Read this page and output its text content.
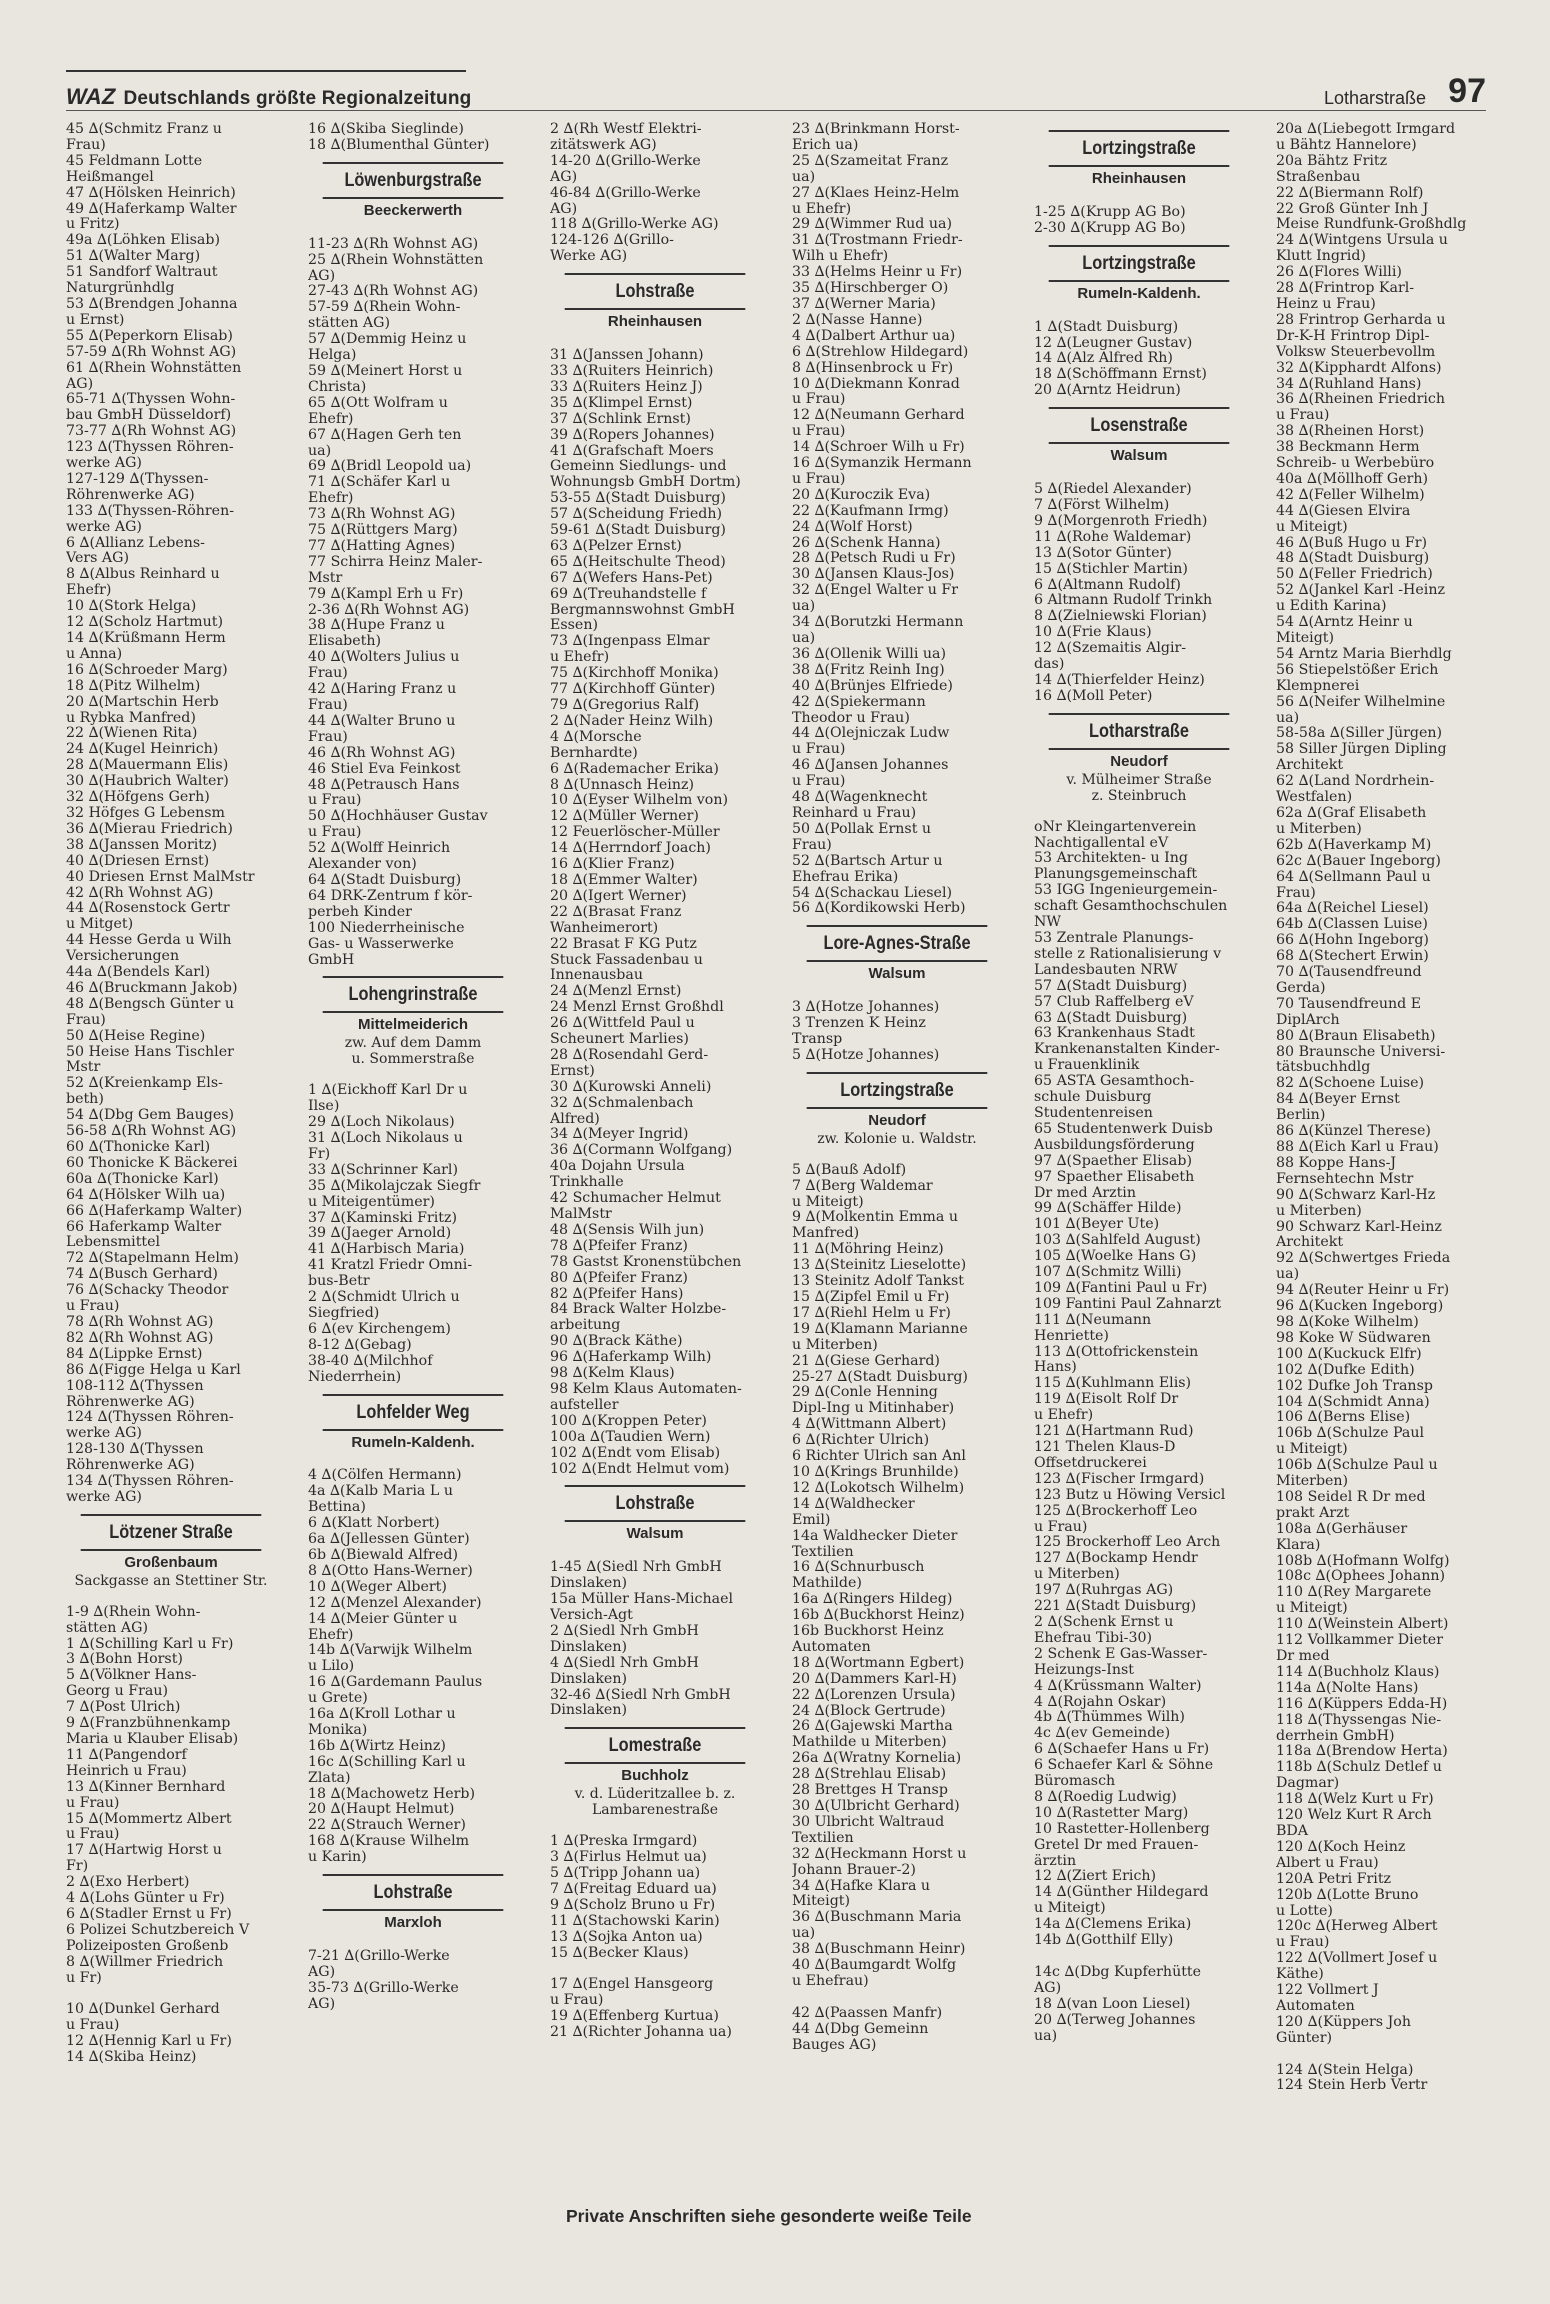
WAZ Deutschlands größte Regionalzeitung	Lotharstraße 97
45 ∆(Schmitz Franz u
Frau)
45 Feldmann Lotte
Heißmangel
47 ∆(Hölsken Heinrich)
49 ∆(Haferkamp Walter
u Fritz)
49a ∆(Löhken Elisab)
51 ∆(Walter Marg)
51 Sandforf Waltraut
Naturgrünhdlg
53 ∆(Brendgen Johanna
u Ernst)
55 ∆(Peperkorn Elisab)
57-59 ∆(Rh Wohnst AG)
61 ∆(Rhein Wohnstätten
AG)
65-71 ∆(Thyssen Wohn-
bau GmbH Düsseldorf)
73-77 ∆(Rh Wohnst AG)
123 ∆(Thyssen Röhren-
werke AG)
127-129 ∆(Thyssen-
Röhrenwerke AG)
133 ∆(Thyssen-Röhren-
werke AG)
6 ∆(Allianz Lebens-
Vers AG)
8 ∆(Albus Reinhard u
Ehefr)
10 ∆(Stork Helga)
12 ∆(Scholz Hartmut)
14 ∆(Krüßmann Herm
u Anna)
16 ∆(Schroeder Marg)
18 ∆(Pitz Wilhelm)
20 ∆(Martschin Herb
u Rybka Manfred)
22 ∆(Wienen Rita)
24 ∆(Kugel Heinrich)
28 ∆(Mauermann Elis)
30 ∆(Haubrich Walter)
32 ∆(Höfgens Gerh)
32 Höfges G Lebensm
36 ∆(Mierau Friedrich)
38 ∆(Janssen Moritz)
40 ∆(Driesen Ernst)
40 Driesen Ernst MalMstr
42 ∆(Rh Wohnst AG)
44 ∆(Rosenstock Gertr
u Mitget)
44 Hesse Gerda u Wilh
Versicherungen
44a ∆(Bendels Karl)
46 ∆(Bruckmann Jakob)
48 ∆(Bengsch Günter u
Frau)
50 ∆(Heise Regine)
50 Heise Hans Tischler
Mstr
52 ∆(Kreienkamp Els-
beth)
54 ∆(Dbg Gem Bauges)
56-58 ∆(Rh Wohnst AG)
60 ∆(Thonicke Karl)
60 Thonicke K Bäckerei
60a ∆(Thonicke Karl)
64 ∆(Hölsker Wilh ua)
66 ∆(Haferkamp Walter)
66 Haferkamp Walter
Lebensmittel
72 ∆(Stapelmann Helm)
74 ∆(Busch Gerhard)
76 ∆(Schacky Theodor
u Frau)
78 ∆(Rh Wohnst AG)
82 ∆(Rh Wohnst AG)
84 ∆(Lippke Ernst)
86 ∆(Figge Helga u Karl
108-112 ∆(Thyssen
Röhrenwerke AG)
124 ∆(Thyssen Röhren-
werke AG)
128-130 ∆(Thyssen
Röhrenwerke AG)
134 ∆(Thyssen Röhren-
werke AG)
Lötzener Straße
Großenbaum
Sackgasse an Stettiner Str.

1-9 ∆(Rhein Wohn-
stätten AG)
1 ∆(Schilling Karl u Fr)
3 ∆(Bohn Horst)
5 ∆(Völkner Hans-
Georg u Frau)
7 ∆(Post Ulrich)
9 ∆(Franzbühnenkamp
Maria u Klauber Elisab)
11 ∆(Pangendorf
Heinrich u Frau)
13 ∆(Kinner Bernhard
u Frau)
15 ∆(Mommertz Albert
u Frau)
17 ∆(Hartwig Horst u
Fr)
2 ∆(Exo Herbert)
4 ∆(Lohs Günter u Fr)
6 ∆(Stadler Ernst u Fr)
6 Polizei Schutzbereich V
Polizeiposten Großenb
8 ∆(Willmer Friedrich
u Fr)

10 ∆(Dunkel Gerhard
u Frau)
12 ∆(Hennig Karl u Fr)
14 ∆(Skiba Heinz)
16 ∆(Skiba Sieglinde)
18 ∆(Blumenthal Günter)
Löwenburgstraße
Beeckerwerth

11-23 ∆(Rh Wohnst AG)
25 ∆(Rhein Wohnstätten
AG)
27-43 ∆(Rh Wohnst AG)
57-59 ∆(Rhein Wohn-
stätten AG)
57 ∆(Demmig Heinz u
Helga)
59 ∆(Meinert Horst u
Christa)
65 ∆(Ott Wolfram u
Ehefr)
67 ∆(Hagen Gerh ten
ua)
69 ∆(Bridl Leopold ua)
71 ∆(Schäfer Karl u
Ehefr)
73 ∆(Rh Wohnst AG)
75 ∆(Rüttgers Marg)
77 ∆(Hatting Agnes)
77 Schirra Heinz Maler-
Mstr
79 ∆(Kampl Erh u Fr)
2-36 ∆(Rh Wohnst AG)
38 ∆(Hupe Franz u
Elisabeth)
40 ∆(Wolters Julius u
Frau)
42 ∆(Haring Franz u
Frau)
44 ∆(Walter Bruno u
Frau)
46 ∆(Rh Wohnst AG)
46 Stiel Eva Feinkost
48 ∆(Petrausch Hans
u Frau)
50 ∆(Hochhäuser Gustav
u Frau)
52 ∆(Wolff Heinrich
Alexander von)
64 ∆(Stadt Duisburg)
64 DRK-Zentrum f kör-
perbeh Kinder
100 Niederrheinische
Gas- u Wasserwerke
GmbH
Lohengrinstraße
Mittelmeiderich
zw. Auf dem Damm
u. Sommerstraße

1 ∆(Eickhoff Karl Dr u
Ilse)
29 ∆(Loch Nikolaus)
31 ∆(Loch Nikolaus u
Fr)
33 ∆(Schrinner Karl)
35 ∆(Mikolajczak Siegfr
u Miteigentümer)
37 ∆(Kaminski Fritz)
39 ∆(Jaeger Arnold)
41 ∆(Harbisch Maria)
41 Kratzl Friedr Omni-
bus-Betr
2 ∆(Schmidt Ulrich u
Siegfried)
6 ∆(ev Kirchengem)
8-12 ∆(Gebag)
38-40 ∆(Milchhof
Niederrhein)
Lohfelder Weg
Rumeln-Kaldenh.

4 ∆(Cölfen Hermann)
4a ∆(Kalb Maria L u
Bettina)
6 ∆(Klatt Norbert)
6a ∆(Jellessen Günter)
6b ∆(Biewald Alfred)
8 ∆(Otto Hans-Werner)
10 ∆(Weger Albert)
12 ∆(Menzel Alexander)
14 ∆(Meier Günter u
Ehefr)
14b ∆(Varwijk Wilhelm
u Lilo)
16 ∆(Gardemann Paulus
u Grete)
16a ∆(Kroll Lothar u
Monika)
16b ∆(Wirtz Heinz)
16c ∆(Schilling Karl u
Zlata)
18 ∆(Machowetz Herb)
20 ∆(Haupt Helmut)
22 ∆(Strauch Werner)
168 ∆(Krause Wilhelm
u Karin)
Lohstraße
Marxloh

7-21 ∆(Grillo-Werke
AG)
35-73 ∆(Grillo-Werke
AG)
2 ∆(Rh Westf Elektri-
zitätswerk AG)
14-20 ∆(Grillo-Werke
AG)
46-84 ∆(Grillo-Werke
AG)
118 ∆(Grillo-Werke AG)
124-126 ∆(Grillo-
Werke AG)
Lohstraße
Rheinhausen

31 ∆(Janssen Johann)
33 ∆(Ruiters Heinrich)
33 ∆(Ruiters Heinz J)
35 ∆(Klimpel Ernst)
37 ∆(Schlink Ernst)
39 ∆(Ropers Johannes)
41 ∆(Grafschaft Moers
Gemeinn Siedlungs- und
Wohnungsb GmbH Dortm)
53-55 ∆(Stadt Duisburg)
57 ∆(Scheidung Friedh)
59-61 ∆(Stadt Duisburg)
63 ∆(Pelzer Ernst)
65 ∆(Heitschulte Theod)
67 ∆(Wefers Hans-Pet)
69 ∆(Treuhandstelle f
Bergmannswohnst GmbH
Essen)
73 ∆(Ingenpass Elmar
u Ehefr)
75 ∆(Kirchhoff Monika)
77 ∆(Kirchhoff Günter)
79 ∆(Gregorius Ralf)
2 ∆(Nader Heinz Wilh)
4 ∆(Morsche
Bernhardte)
6 ∆(Rademacher Erika)
8 ∆(Unnasch Heinz)
10 ∆(Eyser Wilhelm von)
12 ∆(Müller Werner)
12 Feuerlöscher-Müller
14 ∆(Herrndorf Joach)
16 ∆(Klier Franz)
18 ∆(Emmer Walter)
20 ∆(Igert Werner)
22 ∆(Brasat Franz
Wanheimerort)
22 Brasat F KG Putz
Stuck Fassadenbau u
Innenausbau
24 ∆(Menzl Ernst)
24 Menzl Ernst Großhdl
26 ∆(Wittfeld Paul u
Scheunert Marlies)
28 ∆(Rosendahl Gerd-
Ernst)
30 ∆(Kurowski Anneli)
32 ∆(Schmalenbach
Alfred)
34 ∆(Meyer Ingrid)
36 ∆(Cormann Wolfgang)
40a Dojahn Ursula
Trinkhalle
42 Schumacher Helmut
MalMstr
48 ∆(Sensis Wilh jun)
78 ∆(Pfeifer Franz)
78 Gastst Kronenstübchen
80 ∆(Pfeifer Franz)
82 ∆(Pfeifer Hans)
84 Brack Walter Holzbe-
arbeitung
90 ∆(Brack Käthe)
96 ∆(Haferkamp Wilh)
98 ∆(Kelm Klaus)
98 Kelm Klaus Automaten-
aufsteller
100 ∆(Kroppen Peter)
100a ∆(Taudien Wern)
102 ∆(Endt vom Elisab)
102 ∆(Endt Helmut vom)
Lohstraße
Walsum

1-45 ∆(Siedl Nrh GmbH
Dinslaken)
15a Müller Hans-Michael
Versich-Agt
2 ∆(Siedl Nrh GmbH
Dinslaken)
4 ∆(Siedl Nrh GmbH
Dinslaken)
32-46 ∆(Siedl Nrh GmbH
Dinslaken)
Lomestraße
Buchholz
v. d. Lüderitzallee b. z.
Lambarenestraße

1 ∆(Preska Irmgard)
3 ∆(Firlus Helmut ua)
5 ∆(Tripp Johann ua)
7 ∆(Freitag Eduard ua)
9 ∆(Scholz Bruno u Fr)
11 ∆(Stachowski Karin)
13 ∆(Sojka Anton ua)
15 ∆(Becker Klaus)

17 ∆(Engel Hansgeorg
u Frau)
19 ∆(Effenberg Kurtua)
21 ∆(Richter Johanna ua)
23 ∆(Brinkmann Horst-
Erich ua)
25 ∆(Szameitat Franz
ua)
27 ∆(Klaes Heinz-Helm
u Ehefr)
29 ∆(Wimmer Rud ua)
31 ∆(Trostmann Friedr-
Wilh u Ehefr)
33 ∆(Helms Heinr u Fr)
35 ∆(Hirschberger O)
37 ∆(Werner Maria)
2 ∆(Nasse Hanne)
4 ∆(Dalbert Arthur ua)
6 ∆(Strehlow Hildegard)
8 ∆(Hinsenbrock u Fr)
10 ∆(Diekmann Konrad
u Frau)
12 ∆(Neumann Gerhard
u Frau)
14 ∆(Schroer Wilh u Fr)
16 ∆(Symanzik Hermann
u Frau)
20 ∆(Kuroczik Eva)
22 ∆(Kaufmann Irmg)
24 ∆(Wolf Horst)
26 ∆(Schenk Hanna)
28 ∆(Petsch Rudi u Fr)
30 ∆(Jansen Klaus-Jos)
32 ∆(Engel Walter u Fr
ua)
34 ∆(Borutzki Hermann
ua)
36 ∆(Ollenik Willi ua)
38 ∆(Fritz Reinh Ing)
40 ∆(Brünjes Elfriede)
42 ∆(Spiekermann
Theodor u Frau)
44 ∆(Olejniczak Ludw
u Frau)
46 ∆(Jansen Johannes
u Frau)
48 ∆(Wagenknecht
Reinhard u Frau)
50 ∆(Pollak Ernst u
Frau)
52 ∆(Bartsch Artur u
Ehefrau Erika)
54 ∆(Schackau Liesel)
56 ∆(Kordikowski Herb)
Lore-Agnes-Straße
Walsum

3 ∆(Hotze Johannes)
3 Trenzen K Heinz
Transp
5 ∆(Hotze Johannes)
Lortzingstraße
Neudorf
zw. Kolonie u. Waldstr.

5 ∆(Bauß Adolf)
7 ∆(Berg Waldemar
u Miteigt)
9 ∆(Molkentin Emma u
Manfred)
11 ∆(Möhring Heinz)
13 ∆(Steinitz Lieselotte)
13 Steinitz Adolf Tankst
15 ∆(Zipfel Emil u Fr)
17 ∆(Riehl Helm u Fr)
19 ∆(Klamann Marianne
u Miterben)
21 ∆(Giese Gerhard)
25-27 ∆(Stadt Duisburg)
29 ∆(Conle Henning
Dipl-Ing u Mitinhaber)
4 ∆(Wittmann Albert)
6 ∆(Richter Ulrich)
6 Richter Ulrich san Anl
10 ∆(Krings Brunhilde)
12 ∆(Lokotsch Wilhelm)
14 ∆(Waldhecker
Emil)
14a Waldhecker Dieter
Textilien
16 ∆(Schnurbusch
Mathilde)
16a ∆(Ringers Hildeg)
16b ∆(Buckhorst Heinz)
16b Buckhorst Heinz
Automaten
18 ∆(Wortmann Egbert)
20 ∆(Dammers Karl-H)
22 ∆(Lorenzen Ursula)
24 ∆(Block Gertrude)
26 ∆(Gajewski Martha
Mathilde u Miterben)
26a ∆(Wratny Kornelia)
28 ∆(Strehlau Elisab)
28 Brettges H Transp
30 ∆(Ulbricht Gerhard)
30 Ulbricht Waltraud
Textilien
32 ∆(Heckmann Horst u
Johann Brauer-2)
34 ∆(Hafke Klara u
Miteigt)
36 ∆(Buschmann Maria
ua)
38 ∆(Buschmann Heinr)
40 ∆(Baumgardt Wolfg
u Ehefrau)

42 ∆(Paassen Manfr)
44 ∆(Dbg Gemeinn
Bauges AG)
Lortzingstraße
Rheinhausen

1-25 ∆(Krupp AG Bo)
2-30 ∆(Krupp AG Bo)
Lortzingstraße
Rumeln-Kaldenh.

1 ∆(Stadt Duisburg)
12 ∆(Leugner Gustav)
14 ∆(Alz Alfred Rh)
18 ∆(Schöffmann Ernst)
20 ∆(Arntz Heidrun)
Losenstraße
Walsum

5 ∆(Riedel Alexander)
7 ∆(Först Wilhelm)
9 ∆(Morgenroth Friedh)
11 ∆(Rohe Waldemar)
13 ∆(Sotor Günter)
15 ∆(Stichler Martin)
6 ∆(Altmann Rudolf)
6 Altmann Rudolf Trinkh
8 ∆(Zielniewski Florian)
10 ∆(Frie Klaus)
12 ∆(Szemaitis Algir-
das)
14 ∆(Thierfelder Heinz)
16 ∆(Moll Peter)
Lotharstraße
Neudorf
v. Mülheimer Straße
z. Steinbruch

oNr Kleingartenverein
Nachtigallental eV
53 Architekten- u Ing
Planungsgemeinschaft
53 IGG Ingenieurgemein-
schaft Gesamthochschulen
NW
53 Zentrale Planungs-
stelle z Rationalisierung v
Landesbauten NRW
57 ∆(Stadt Duisburg)
57 Club Raffelberg eV
63 ∆(Stadt Duisburg)
63 Krankenhaus Stadt
Krankenanstalten Kinder-
u Frauenklinik
65 ASTA Gesamthoch-
schule Duisburg
Studentenreisen
65 Studentenwerk Duisb
Ausbildungsförderung
97 ∆(Spaether Elisab)
97 Spaether Elisabeth
Dr med Ärztin
99 ∆(Schäffer Hilde)
101 ∆(Beyer Ute)
103 ∆(Sahlfeld August)
105 ∆(Woelke Hans G)
107 ∆(Schmitz Willi)
109 ∆(Fantini Paul u Fr)
109 Fantini Paul Zahnarzt
111 ∆(Neumann
Henriette)
113 ∆(Ottofrickenstein
Hans)
115 ∆(Kuhlmann Elis)
119 ∆(Eisolt Rolf Dr
u Ehefr)
121 ∆(Hartmann Rud)
121 Thelen Klaus-D
Offsetdruckerei
123 ∆(Fischer Irmgard)
123 Butz u Höwing Versicl
125 ∆(Brockerhoff Leo
u Frau)
125 Brockerhoff Leo Arch
127 ∆(Bockamp Hendr
u Miterben)
197 ∆(Ruhrgas AG)
221 ∆(Stadt Duisburg)
2 ∆(Schenk Ernst u
Ehefrau Tibi-30)
2 Schenk E Gas-Wasser-
Heizungs-Inst
4 ∆(Krüssmann Walter)
4 ∆(Rojahn Oskar)
4b ∆(Thümmes Wilh)
4c ∆(ev Gemeinde)
6 ∆(Schaefer Hans u Fr)
6 Schaefer Karl & Söhne
Büromasch
8 ∆(Roedig Ludwig)
10 ∆(Rastetter Marg)
10 Rastetter-Hollenberg
Gretel Dr med Frauen-
ärztin
12 ∆(Ziert Erich)
14 ∆(Günther Hildegard
u Miteigt)
14a ∆(Clemens Erika)
14b ∆(Gotthilf Elly)

14c ∆(Dbg Kupferhütte
AG)
18 ∆(van Loon Liesel)
20 ∆(Terweg Johannes
ua)
20a ∆(Liebegott Irmgard
u Bähtz Hannelore)
20a Bähtz Fritz
Straßenbau
22 ∆(Biermann Rolf)
22 Groß Günter Inh J
Meise Rundfunk-Großhdlg
24 ∆(Wintgens Ursula u
Klutt Ingrid)
26 ∆(Flores Willi)
28 ∆(Frintrop Karl-
Heinz u Frau)
28 Frintrop Gerharda u
Dr-K-H Frintrop Dipl-
Volksw Steuerbevollm
32 ∆(Kipphardt Alfons)
34 ∆(Ruhland Hans)
36 ∆(Rheinen Friedrich
u Frau)
38 ∆(Rheinen Horst)
38 Beckmann Herm
Schreib- u Werbebüro
40a ∆(Möllhoff Gerh)
42 ∆(Feller Wilhelm)
44 ∆(Giesen Elvira
u Miteigt)
46 ∆(Buß Hugo u Fr)
48 ∆(Stadt Duisburg)
50 ∆(Feller Friedrich)
52 ∆(Jankel Karl -Heinz
u Edith Karina)
54 ∆(Arntz Heinr u
Miteigt)
54 Arntz Maria Bierhdlg
56 Stiepelstößer Erich
Klempnerei
56 ∆(Neifer Wilhelmine
ua)
58-58a ∆(Siller Jürgen)
58 Siller Jürgen Dipling
Architekt
62 ∆(Land Nordrhein-
Westfalen)
62a ∆(Graf Elisabeth
u Miterben)
62b ∆(Haverkamp M)
62c ∆(Bauer Ingeborg)
64 ∆(Sellmann Paul u
Frau)
64a ∆(Reichel Liesel)
64b ∆(Classen Luise)
66 ∆(Hohn Ingeborg)
68 ∆(Stechert Erwin)
70 ∆(Tausendfreund
Gerda)
70 Tausendfreund E
DiplArch
80 ∆(Braun Elisabeth)
80 Braunsche Universi-
tätsbuchhdlg
82 ∆(Schoene Luise)
84 ∆(Beyer Ernst
Berlin)
86 ∆(Künzel Therese)
88 ∆(Eich Karl u Frau)
88 Koppe Hans-J
Fernsehtechn Mstr
90 ∆(Schwarz Karl-Hz
u Miterben)
90 Schwarz Karl-Heinz
Architekt
92 ∆(Schwertges Frieda
ua)
94 ∆(Reuter Heinr u Fr)
96 ∆(Kucken Ingeborg)
98 ∆(Koke Wilhelm)
98 Koke W Südwaren
100 ∆(Kuckuck Elfr)
102 ∆(Dufke Edith)
102 Dufke Joh Transp
104 ∆(Schmidt Anna)
106 ∆(Berns Elise)
106b ∆(Schulze Paul
u Miteigt)
106b ∆(Schulze Paul u
Miterben)
108 Seidel R Dr med
prakt Arzt
108a ∆(Gerhäuser
Klara)
108b ∆(Hofmann Wolfg)
108c ∆(Ophees Johann)
110 ∆(Rey Margarete
u Miteigt)
110 ∆(Weinstein Albert)
112 Vollkammer Dieter
Dr med
114 ∆(Buchholz Klaus)
114a ∆(Nolte Hans)
116 ∆(Küppers Edda-H)
118 ∆(Thyssengas Nie-
derrhein GmbH)
118a ∆(Brendow Herta)
118b ∆(Schulz Detlef u
Dagmar)
118 ∆(Welz Kurt u Fr)
120 Welz Kurt R Arch
BDA
120 ∆(Koch Heinz
Albert u Frau)
120A Petri Fritz
120b ∆(Lotte Bruno
u Lotte)
120c ∆(Herweg Albert
u Frau)
122 ∆(Vollmert Josef u
Käthe)
122 Vollmert J
Automaten
120 ∆(Küppers Joh
Günter)

124 ∆(Stein Helga)
124 Stein Herb Vertr
Private Anschriften siehe gesonderte weiße Teile
